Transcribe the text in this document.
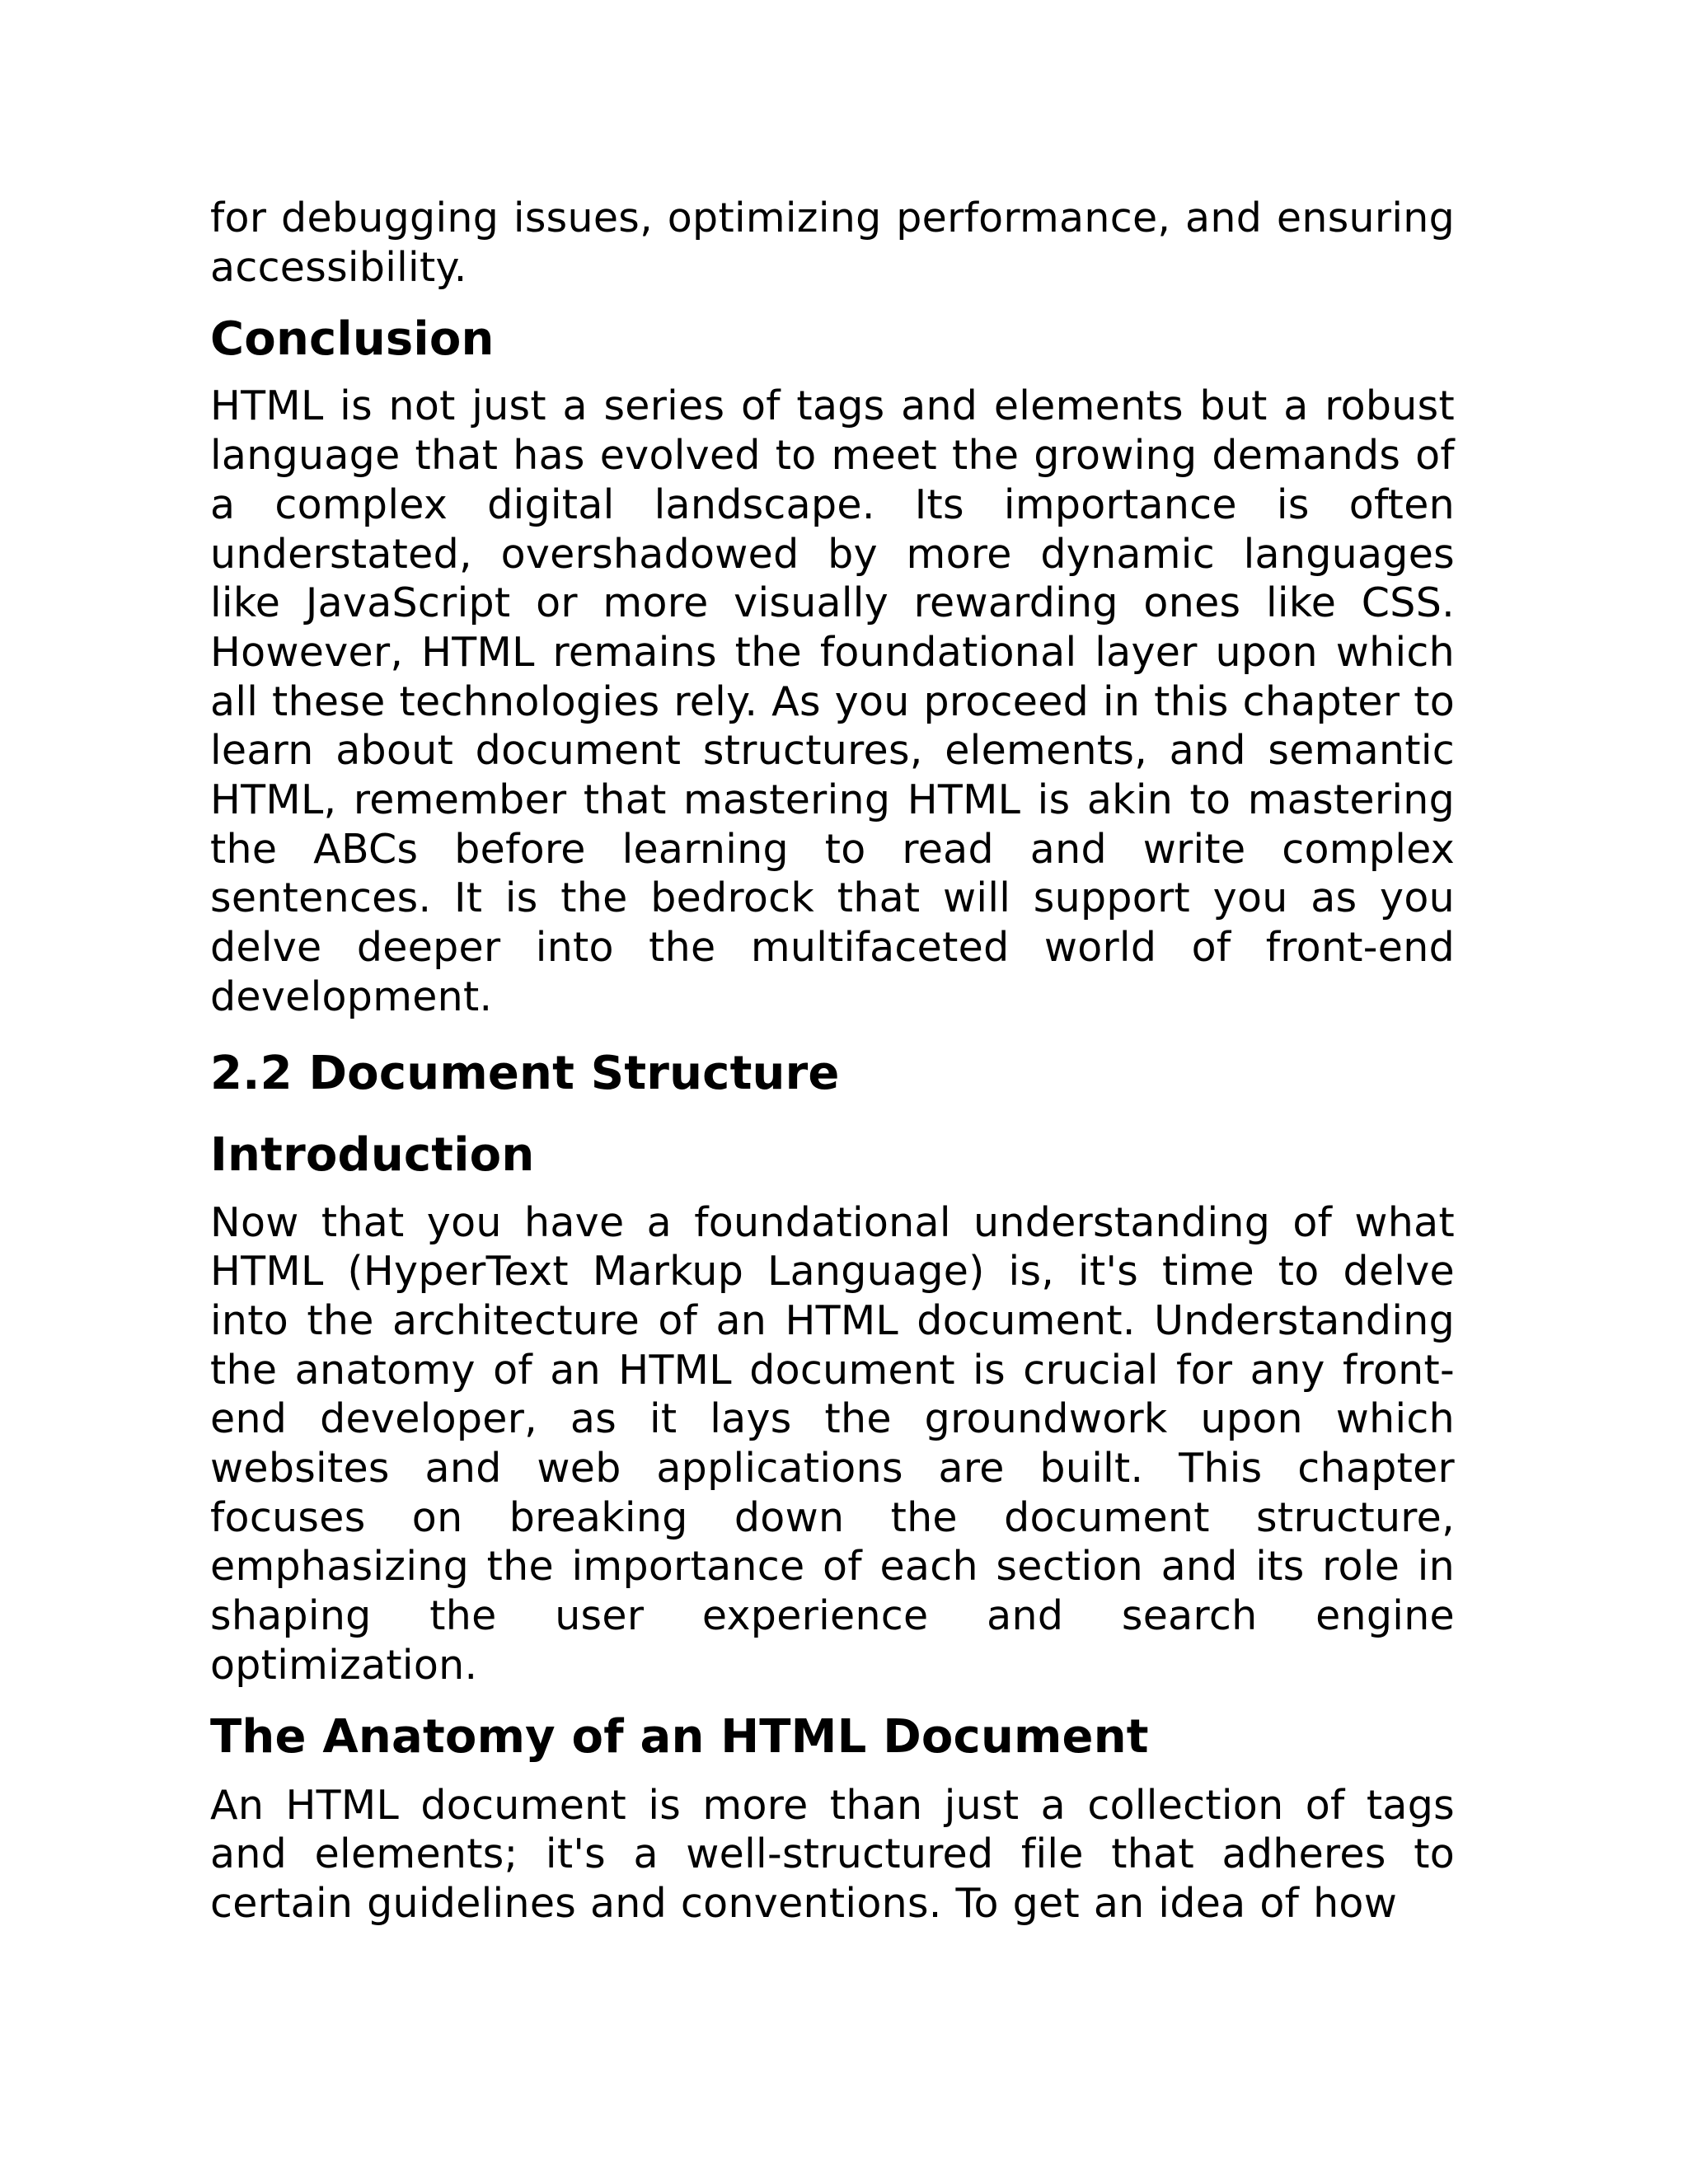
for debugging issues, optimizing performance, and ensuring accessibility.

Conclusion

HTML is not just a series of tags and elements but a robust language that has evolved to meet the growing demands of a complex digital landscape. Its importance is often understated, overshadowed by more dynamic languages like JavaScript or more visually rewarding ones like CSS. However, HTML remains the foundational layer upon which all these technologies rely. As you proceed in this chapter to learn about document structures, elements, and semantic HTML, remember that mastering HTML is akin to mastering the ABCs before learning to read and write complex sentences. It is the bedrock that will support you as you delve deeper into the multifaceted world of front-end development.

2.2 Document Structure
Introduction

Now that you have a foundational understanding of what HTML (HyperText Markup Language) is, it's time to delve into the architecture of an HTML document. Understanding the anatomy of an HTML document is crucial for any front-end developer, as it lays the groundwork upon which websites and web applications are built. This chapter focuses on breaking down the document structure, emphasizing the importance of each section and its role in shaping the user experience and search engine optimization.

The Anatomy of an HTML Document

An HTML document is more than just a collection of tags and elements; it's a well-structured file that adheres to certain guidelines and conventions. To get an idea of how
